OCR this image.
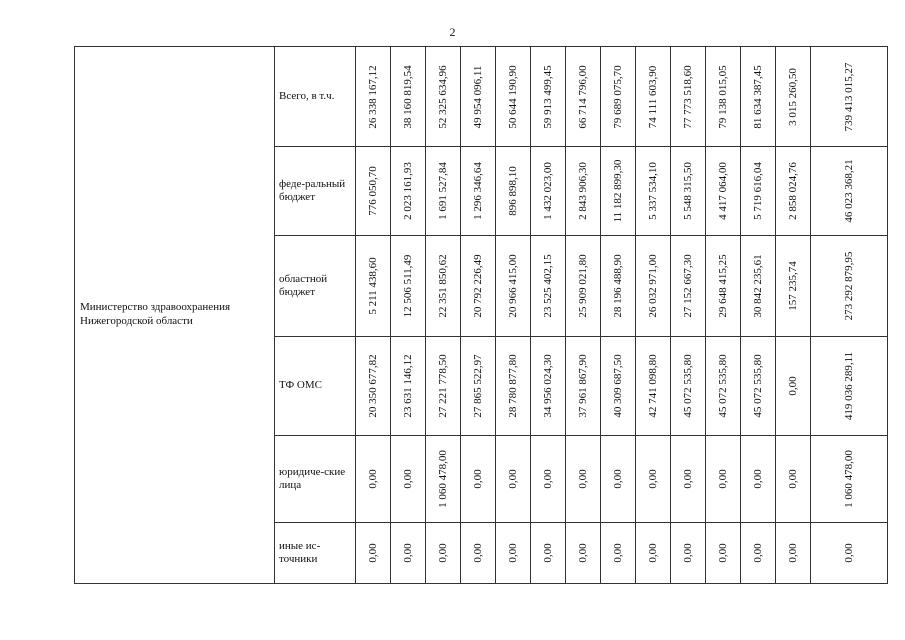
2
Министерство здравоохранения Нижегородской области	Всего, в т.ч.	26 338 167,12	38 160 819,54	52 325 634,96	49 954 096,11	50 644 190,90	59 913 499,45	66 714 796,00	79 689 075,70	74 111 603,90	77 773 518,60	79 138 015,05	81 634 387,45	3 015 260,50	739 413 015,27

	феде-ральный бюджет	776 050,70	2 023 161,93	1 691 527,84	1 296 346,64	896 898,10	1 432 023,00	2 843 906,30	11 182 899,30	5 337 534,10	5 548 315,50	4 417 064,00	5 719 616,04	2 858 024,76	46 023 368,21

	областной бюджет	5 211 438,60	12 506 511,49	22 351 850,62	20 792 226,49	20 966 415,00	23 525 402,15	25 909 021,80	28 196 488,90	26 032 971,00	27 152 667,30	29 648 415,25	30 842 235,61	157 235,74	273 292 879,95

	ТФ ОМС	20 350 677,82	23 631 146,12	27 221 778,50	27 865 522,97	28 780 877,80	34 956 024,30	37 961 867,90	40 309 687,50	42 741 098,80	45 072 535,80	45 072 535,80	45 072 535,80	0,00	419 036 289,11

	юридиче-ские лица	0,00	0,00	1 060 478,00	0,00	0,00	0,00	0,00	0,00	0,00	0,00	0,00	0,00	0,00	1 060 478,00

	иные ис-точники	0,00	0,00	0,00	0,00	0,00	0,00	0,00	0,00	0,00	0,00	0,00	0,00	0,00	0,00
